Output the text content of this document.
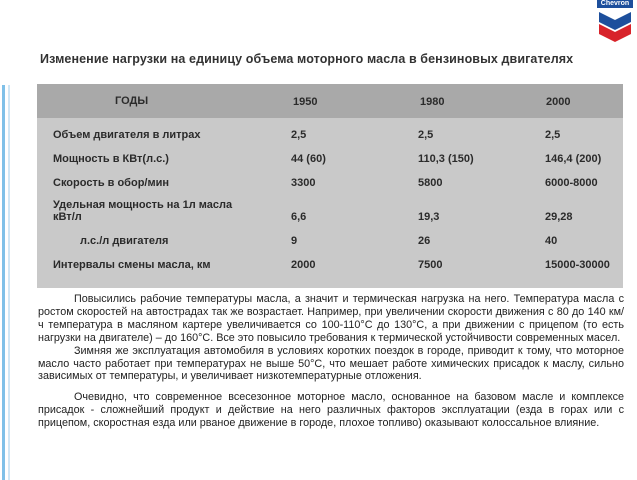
Chevron
Изменение нагрузки на единицу объема моторного масла в бензиновых двигателях
ГОДЫ	1950	1980	2000
Объем двигателя в литрах	2,5	2,5	2,5
Мощность в КВт(л.с.)	44 (60)	110,3 (150)	146,4 (200)
Скорость в обор/мин	3300	5800	6000-8000
Удельная мощность на 1л масла
кВт/л	6,6	19,3	29,28
л.с./л двигателя	9	26	40
Интервалы смены масла, км	2000	7500	15000-30000

Повысились рабочие температуры масла, а значит и термическая нагрузка на него. Температура масла с ростом скоростей на автострадах так же возрастает. Например, при увеличении скорости движения с 80 до 140 км/ч температура в масляном картере увеличивается со 100-110°С до 130°С, а при движении с прицепом (то есть нагрузки на двигателе) – до 160°С. Все это повысило требования к термической устойчивости современных масел.

Зимняя же эксплуатация автомобиля в условиях коротких поездок в городе, приводит к тому, что моторное масло часто работает при температурах не выше 50°С, что мешает работе химических присадок к маслу, сильно зависимых от температуры, и увеличивает низкотемпературные отложения.

Очевидно, что современное всесезонное моторное масло, основанное на базовом масле и комплексе присадок - сложнейший продукт и действие на него различных факторов эксплуатации (езда в горах или с прицепом, скоростная езда или рваное движение в городе, плохое топливо) оказывают колоссальное влияние.
